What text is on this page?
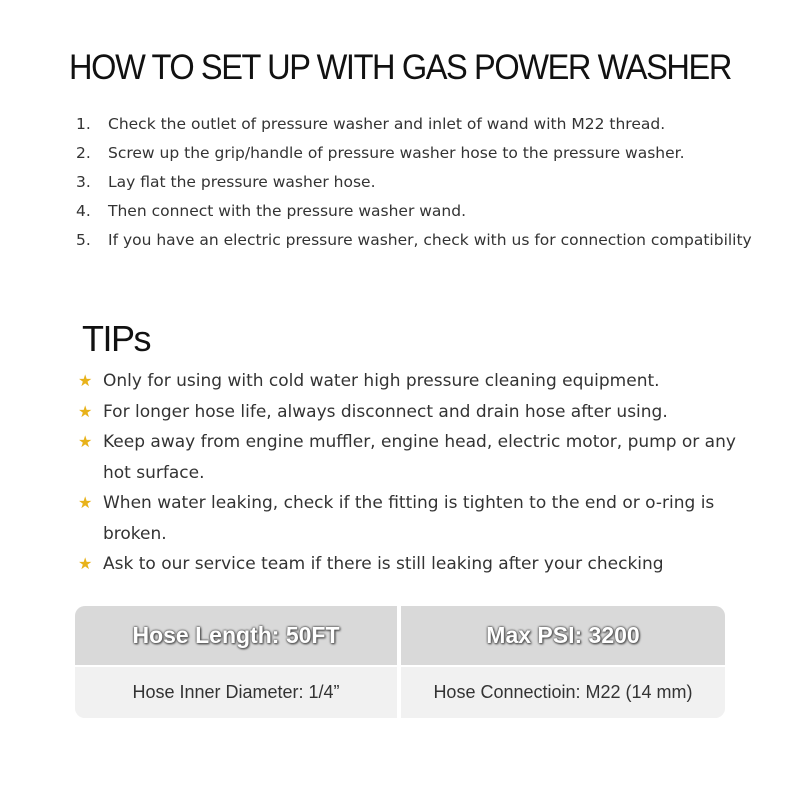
HOW TO SET UP WITH GAS POWER WASHER
1. Check the outlet of pressure washer and inlet of wand with M22 thread.
2. Screw up the grip/handle of pressure washer hose to the pressure washer.
3. Lay flat the pressure washer hose.
4. Then connect with the pressure washer wand.
5. If you have an electric pressure washer, check with us for connection compatibility
TIPs
★ Only for using with cold water high pressure cleaning equipment.
★ For longer hose life, always disconnect and drain hose after using.
★ Keep away from engine muffler, engine head, electric motor, pump or any hot surface.
★ When water leaking, check if the fitting is tighten to the end or o-ring is broken.
★ Ask to our service team if there is still leaking after your checking
Hose Length: 50FT	Max PSI: 3200
Hose Inner Diameter: 1/4”	Hose Connectioin: M22 (14 mm)
